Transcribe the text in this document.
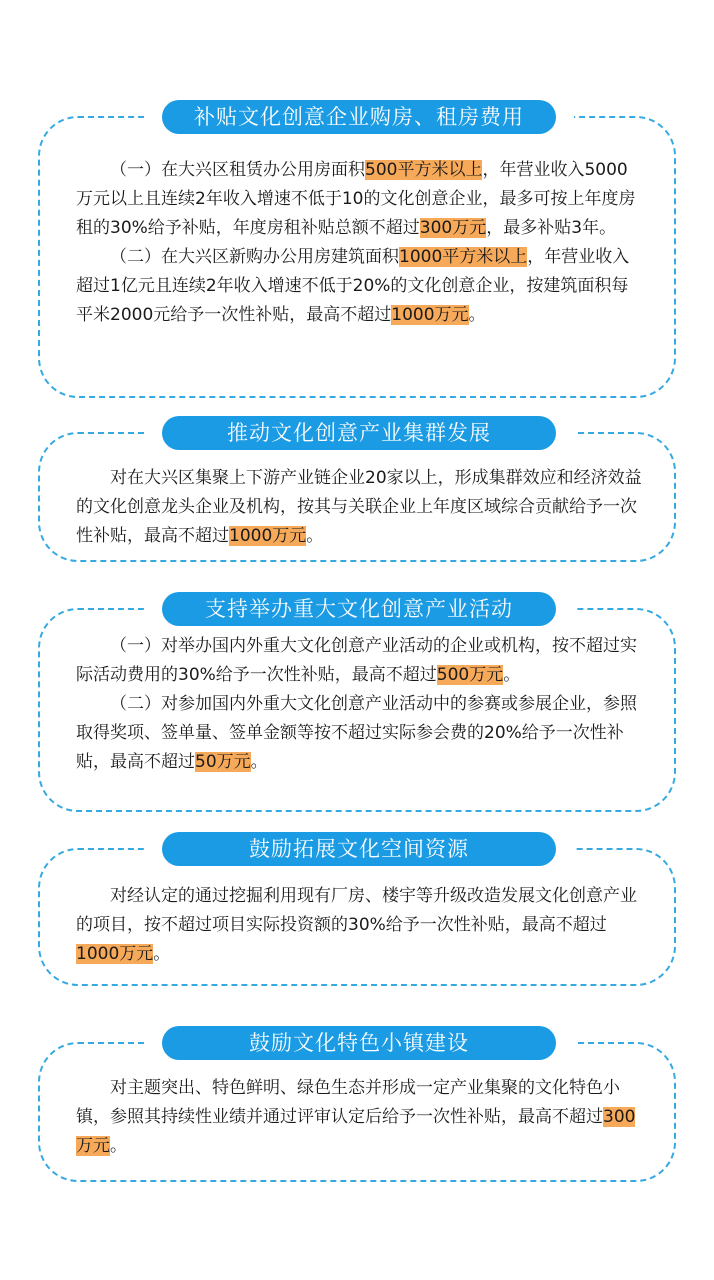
补贴文化创意企业购房、租房费用

（一）在大兴区租赁办公用房面积500平方米以上，年营业收入5000万元以上且连续2年收入增速不低于10的文化创意企业，最多可按上年度房租的30%给予补贴，年度房租补贴总额不超过300万元，最多补贴3年。

（二）在大兴区新购办公用房建筑面积1000平方米以上，年营业收入超过1亿元且连续2年收入增速不低于20%的文化创意企业，按建筑面积每平米2000元给予一次性补贴，最高不超过1000万元。

推动文化创意产业集群发展

对在大兴区集聚上下游产业链企业20家以上，形成集群效应和经济效益的文化创意龙头企业及机构，按其与关联企业上年度区域综合贡献给予一次性补贴，最高不超过1000万元。

支持举办重大文化创意产业活动

（一）对举办国内外重大文化创意产业活动的企业或机构，按不超过实际活动费用的30%给予一次性补贴，最高不超过500万元。

（二）对参加国内外重大文化创意产业活动中的参赛或参展企业，参照取得奖项、签单量、签单金额等按不超过实际参会费的20%给予一次性补贴，最高不超过50万元。

鼓励拓展文化空间资源

对经认定的通过挖掘利用现有厂房、楼宇等升级改造发展文化创意产业的项目，按不超过项目实际投资额的30%给予一次性补贴，最高不超过1000万元。

鼓励文化特色小镇建设

对主题突出、特色鲜明、绿色生态并形成一定产业集聚的文化特色小镇，参照其持续性业绩并通过评审认定后给予一次性补贴，最高不超过300万元。
